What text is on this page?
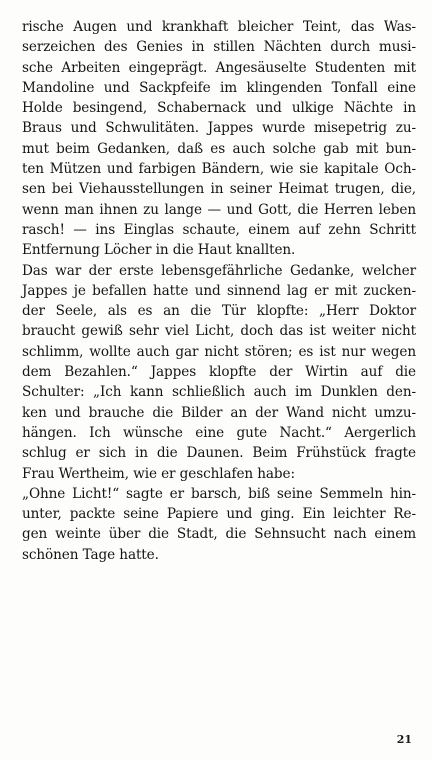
rische Augen und krankhaft bleicher Teint, das Was-
serzeichen des Genies in stillen Nächten durch musi-
sche Arbeiten eingeprägt. Angesäuselte Studenten mit
Mandoline und Sackpfeife im klingenden Tonfall eine
Holde besingend, Schabernack und ulkige Nächte in
Braus und Schwulitäten. Jappes wurde misepetrig zu-
mut beim Gedanken, daß es auch solche gab mit bun-
ten Mützen und farbigen Bändern, wie sie kapitale Och-
sen bei Viehausstellungen in seiner Heimat trugen, die,
wenn man ihnen zu lange — und Gott, die Herren leben
rasch! — ins Einglas schaute, einem auf zehn Schritt
Entfernung Löcher in die Haut knallten.
Das war der erste lebensgefährliche Gedanke, welcher
Jappes je befallen hatte und sinnend lag er mit zucken-
der Seele, als es an die Tür klopfte: „Herr Doktor
braucht gewiß sehr viel Licht, doch das ist weiter nicht
schlimm, wollte auch gar nicht stören; es ist nur wegen
dem Bezahlen.“ Jappes klopfte der Wirtin auf die
Schulter: „Ich kann schließlich auch im Dunklen den-
ken und brauche die Bilder an der Wand nicht umzu-
hängen. Ich wünsche eine gute Nacht.“ Aergerlich
schlug er sich in die Daunen. Beim Frühstück fragte
Frau Wertheim, wie er geschlafen habe:
„Ohne Licht!“ sagte er barsch, biß seine Semmeln hin-
unter, packte seine Papiere und ging. Ein leichter Re-
gen weinte über die Stadt, die Sehnsucht nach einem
schönen Tage hatte.
21
